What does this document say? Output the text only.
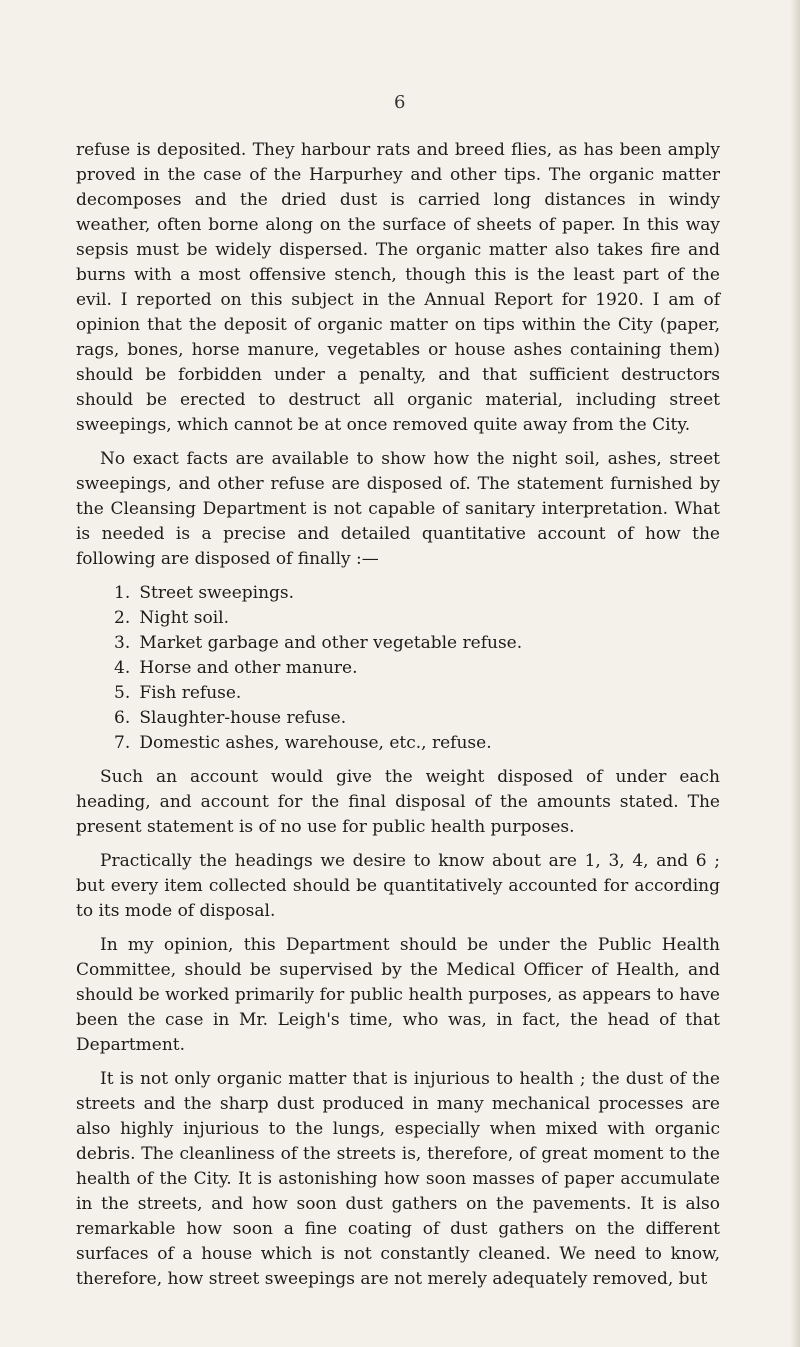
6

refuse is deposited. They harbour rats and breed flies, as has been amply proved in the case of the Harpurhey and other tips. The organic matter decomposes and the dried dust is carried long distances in windy weather, often borne along on the surface of sheets of paper. In this way sepsis must be widely dispersed. The organic matter also takes fire and burns with a most offensive stench, though this is the least part of the evil. I reported on this subject in the Annual Report for 1920. I am of opinion that the deposit of organic matter on tips within the City (paper, rags, bones, horse manure, vegetables or house ashes containing them) should be forbidden under a penalty, and that sufficient destructors should be erected to destruct all organic material, including street sweepings, which cannot be at once removed quite away from the City.

No exact facts are available to show how the night soil, ashes, street sweepings, and other refuse are disposed of. The statement furnished by the Cleansing Department is not capable of sanitary interpretation. What is needed is a precise and detailed quantitative account of how the following are disposed of finally :—

1. Street sweepings.
2. Night soil.
3. Market garbage and other vegetable refuse.
4. Horse and other manure.
5. Fish refuse.
6. Slaughter-house refuse.
7. Domestic ashes, warehouse, etc., refuse.

Such an account would give the weight disposed of under each heading, and account for the final disposal of the amounts stated. The present statement is of no use for public health purposes.

Practically the headings we desire to know about are 1, 3, 4, and 6 ; but every item collected should be quantitatively accounted for according to its mode of disposal.

In my opinion, this Department should be under the Public Health Committee, should be supervised by the Medical Officer of Health, and should be worked primarily for public health purposes, as appears to have been the case in Mr. Leigh's time, who was, in fact, the head of that Department.

It is not only organic matter that is injurious to health ; the dust of the streets and the sharp dust produced in many mechanical processes are also highly injurious to the lungs, especially when mixed with organic debris. The cleanliness of the streets is, therefore, of great moment to the health of the City. It is astonishing how soon masses of paper accumulate in the streets, and how soon dust gathers on the pavements. It is also remarkable how soon a fine coating of dust gathers on the different surfaces of a house which is not constantly cleaned. We need to know, therefore, how street sweepings are not merely adequately removed, but
